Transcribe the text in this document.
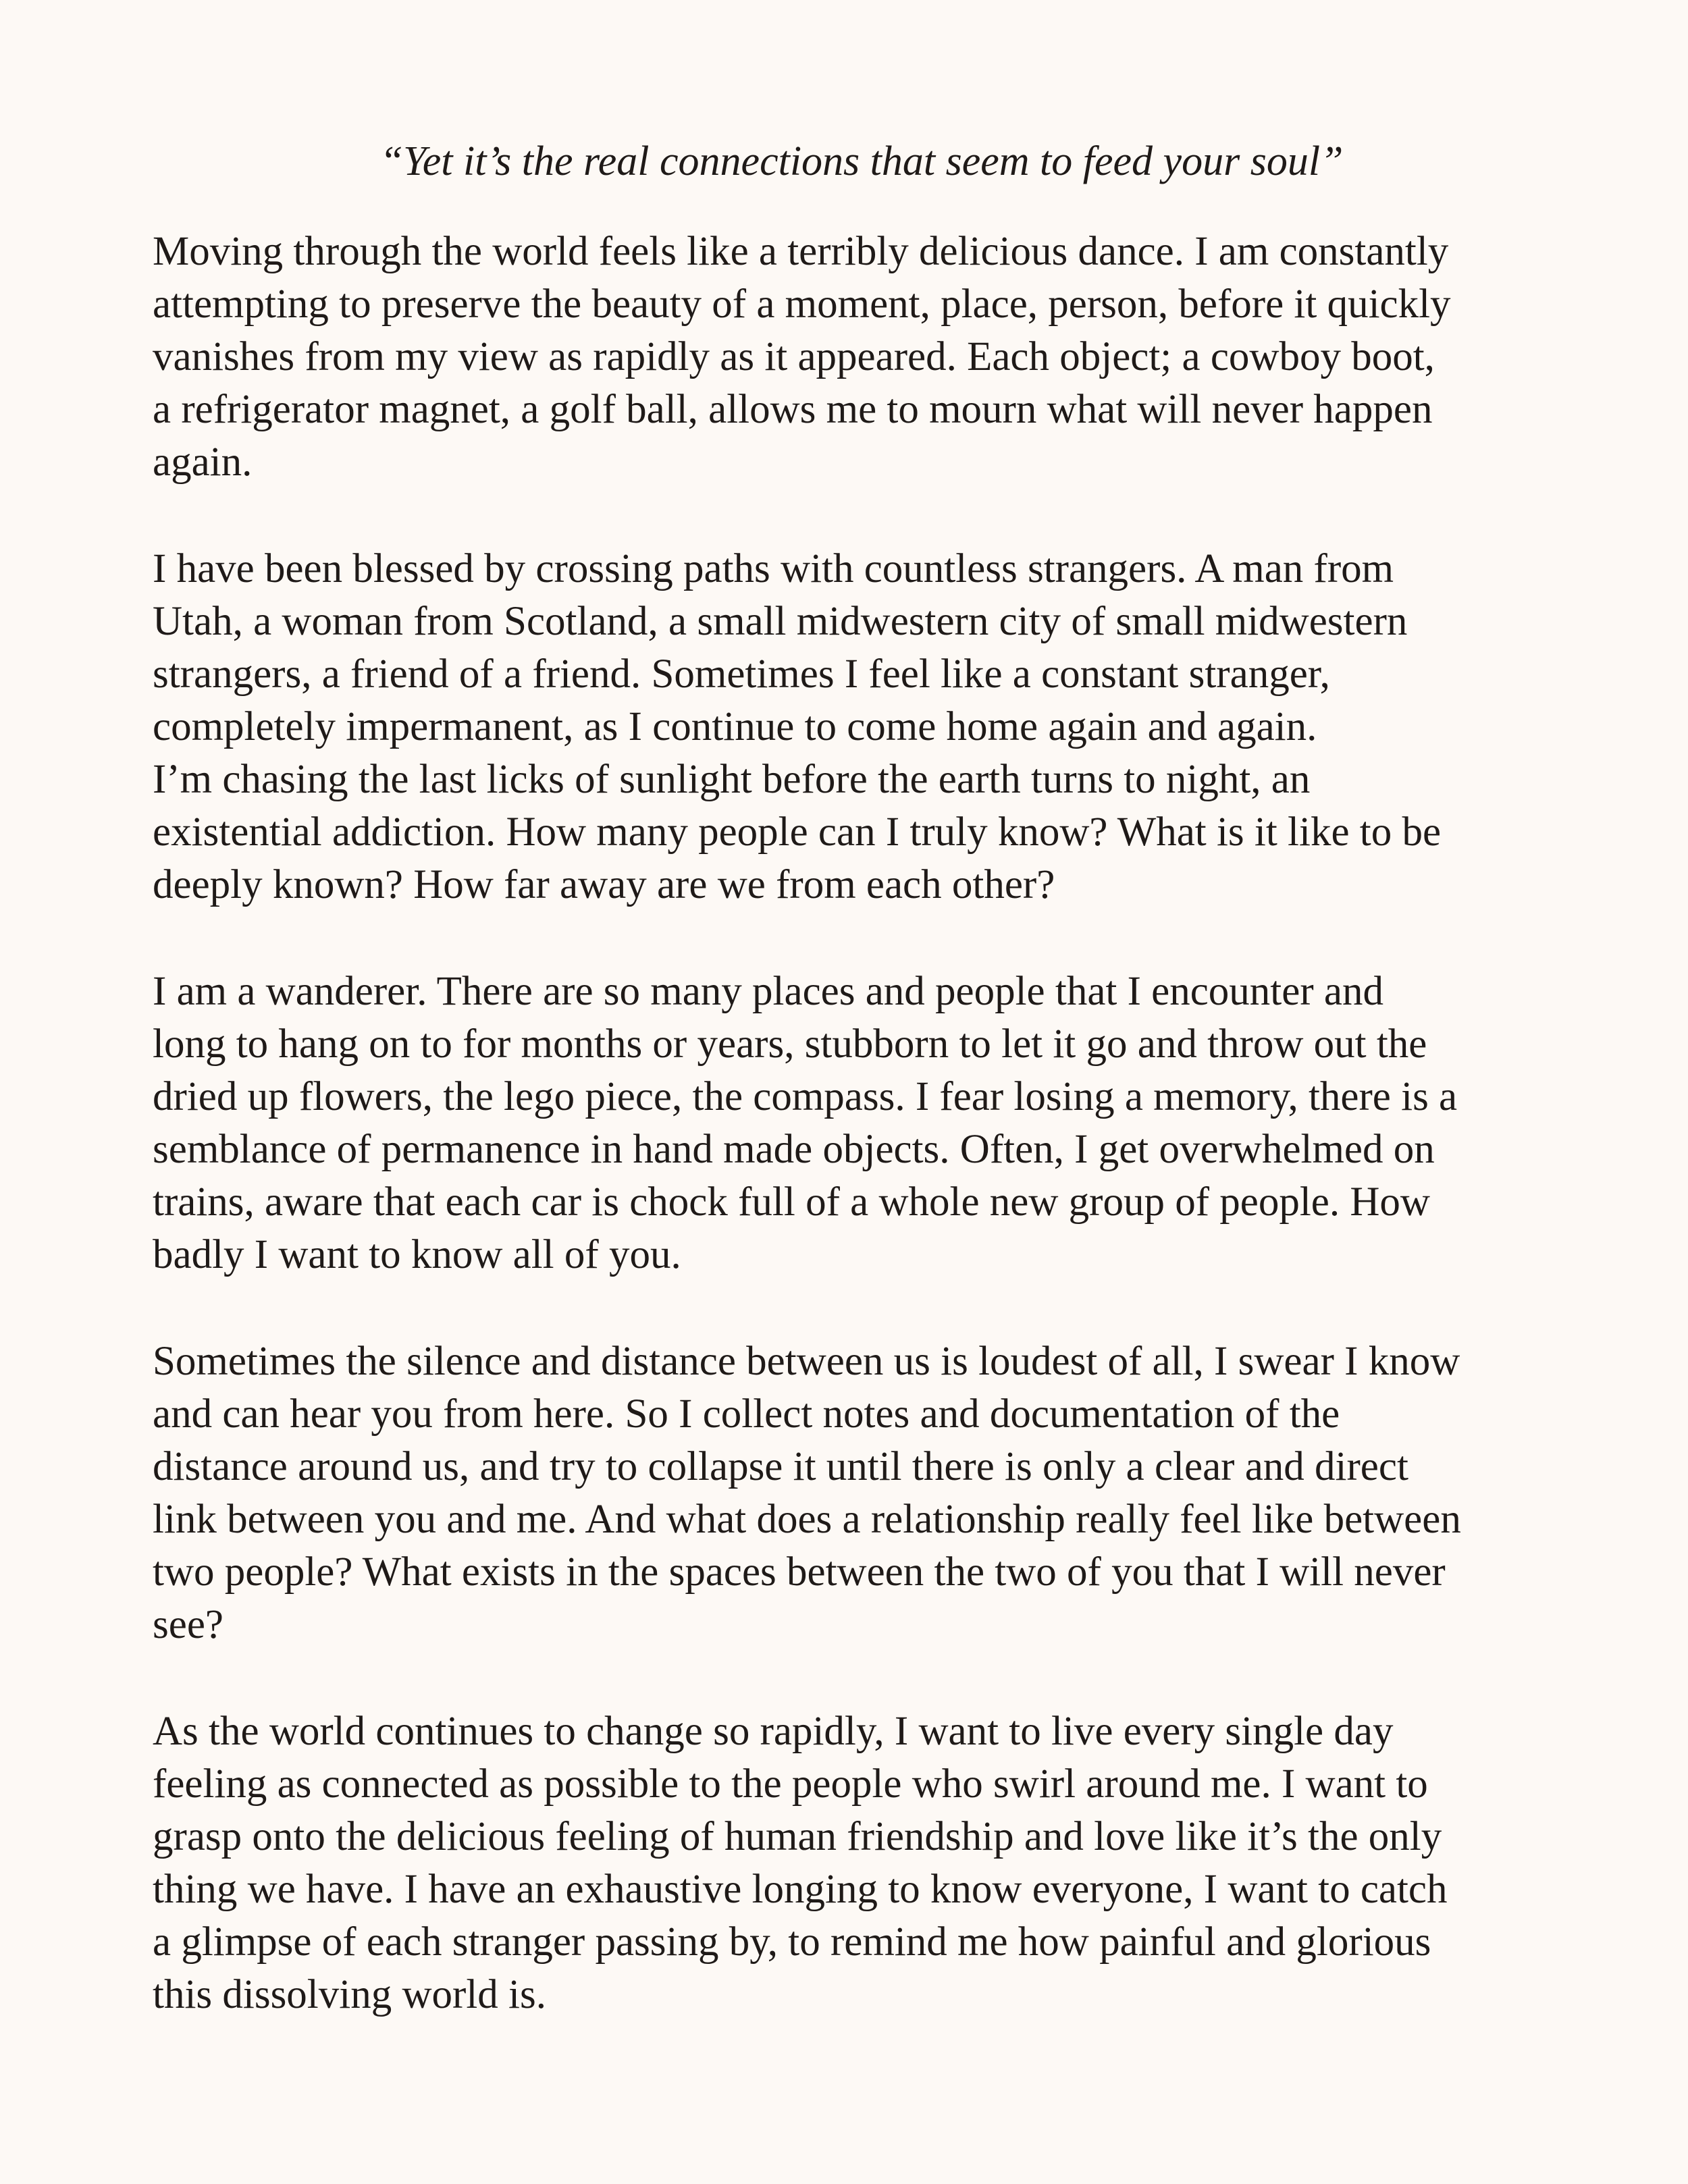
“Yet it’s the real connections that seem to feed your soul”
Moving through the world feels like a terribly delicious dance. I am constantly
attempting to preserve the beauty of a moment, place, person, before it quickly
vanishes from my view as rapidly as it appeared. Each object; a cowboy boot,
a refrigerator magnet, a golf ball, allows me to mourn what will never happen
again.
I have been blessed by crossing paths with countless strangers. A man from
Utah, a woman from Scotland, a small midwestern city of small midwestern
strangers, a friend of a friend. Sometimes I feel like a constant stranger,
completely impermanent, as I continue to come home again and again.
I’m chasing the last licks of sunlight before the earth turns to night, an
existential addiction. How many people can I truly know? What is it like to be
deeply known? How far away are we from each other?
I am a wanderer. There are so many places and people that I encounter and
long to hang on to for months or years, stubborn to let it go and throw out the
dried up flowers, the lego piece, the compass. I fear losing a memory, there is a
semblance of permanence in hand made objects. Often, I get overwhelmed on
trains, aware that each car is chock full of a whole new group of people. How
badly I want to know all of you.
Sometimes the silence and distance between us is loudest of all, I swear I know
and can hear you from here. So I collect notes and documentation of the
distance around us, and try to collapse it until there is only a clear and direct
link between you and me. And what does a relationship really feel like between
two people? What exists in the spaces between the two of you that I will never
see?
As the world continues to change so rapidly, I want to live every single day
feeling as connected as possible to the people who swirl around me. I want to
grasp onto the delicious feeling of human friendship and love like it’s the only
thing we have. I have an exhaustive longing to know everyone, I want to catch
a glimpse of each stranger passing by, to remind me how painful and glorious
this dissolving world is.
